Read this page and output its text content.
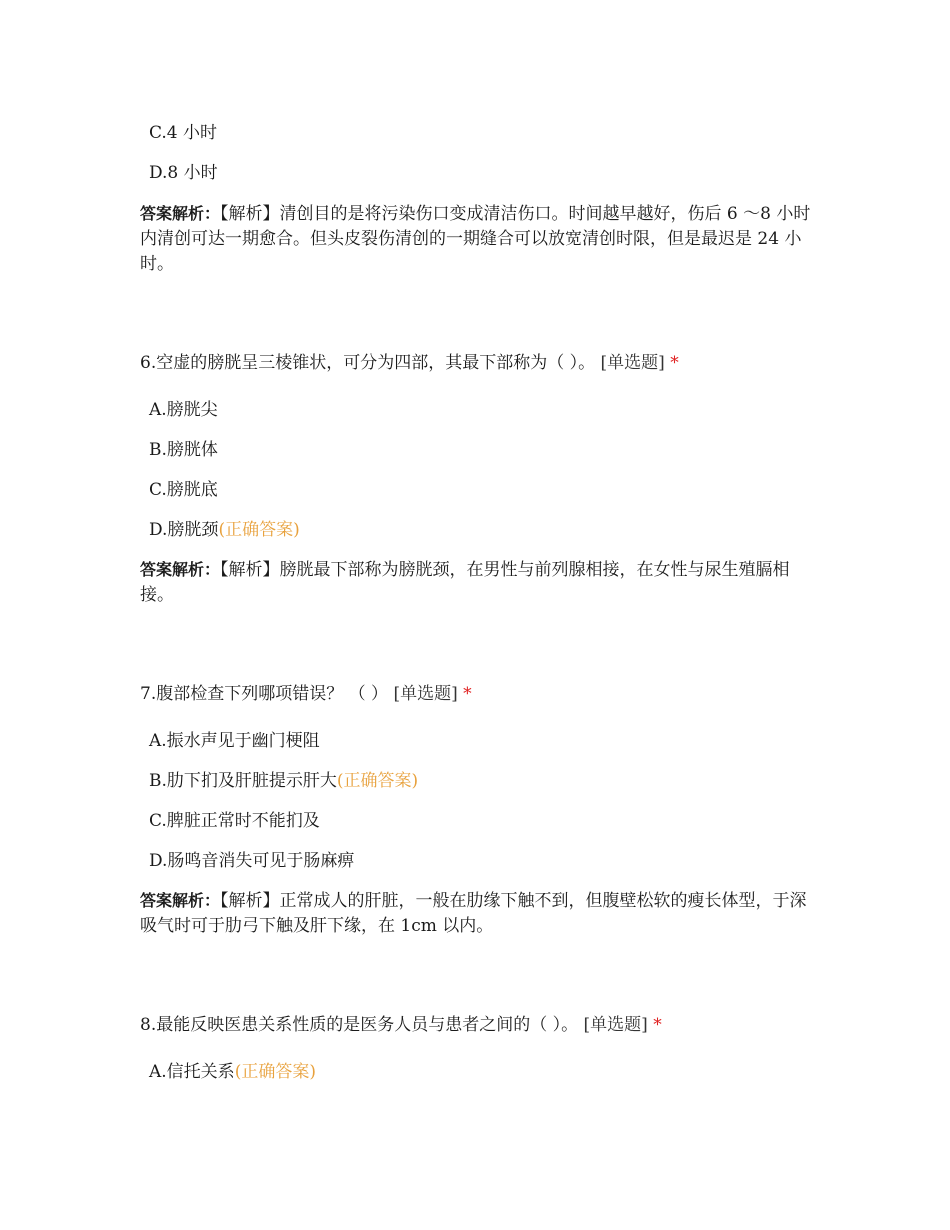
C.4 小时
D.8 小时
答案解析：【解析】清创目的是将污染伤口变成清洁伤口。时间越早越好，伤后 6 ～8 小时内清创可达一期愈合。但头皮裂伤清创的一期缝合可以放宽清创时限，但是最迟是 24 小时。
6.空虚的膀胱呈三棱锥状，可分为四部，其最下部称为（ ）。 [单选题] *
A.膀胱尖
B.膀胱体
C.膀胱底
D.膀胱颈(正确答案)
答案解析：【解析】膀胱最下部称为膀胱颈，在男性与前列腺相接，在女性与尿生殖膈相接。
7.腹部检查下列哪项错误？ （ ） [单选题] *
A.振水声见于幽门梗阻
B.肋下扪及肝脏提示肝大(正确答案)
C.脾脏正常时不能扪及
D.肠鸣音消失可见于肠麻痹
答案解析：【解析】正常成人的肝脏，一般在肋缘下触不到，但腹壁松软的瘦长体型，于深吸气时可于肋弓下触及肝下缘，在 1cm 以内。
8.最能反映医患关系性质的是医务人员与患者之间的（ ）。 [单选题] *
A.信托关系(正确答案)
